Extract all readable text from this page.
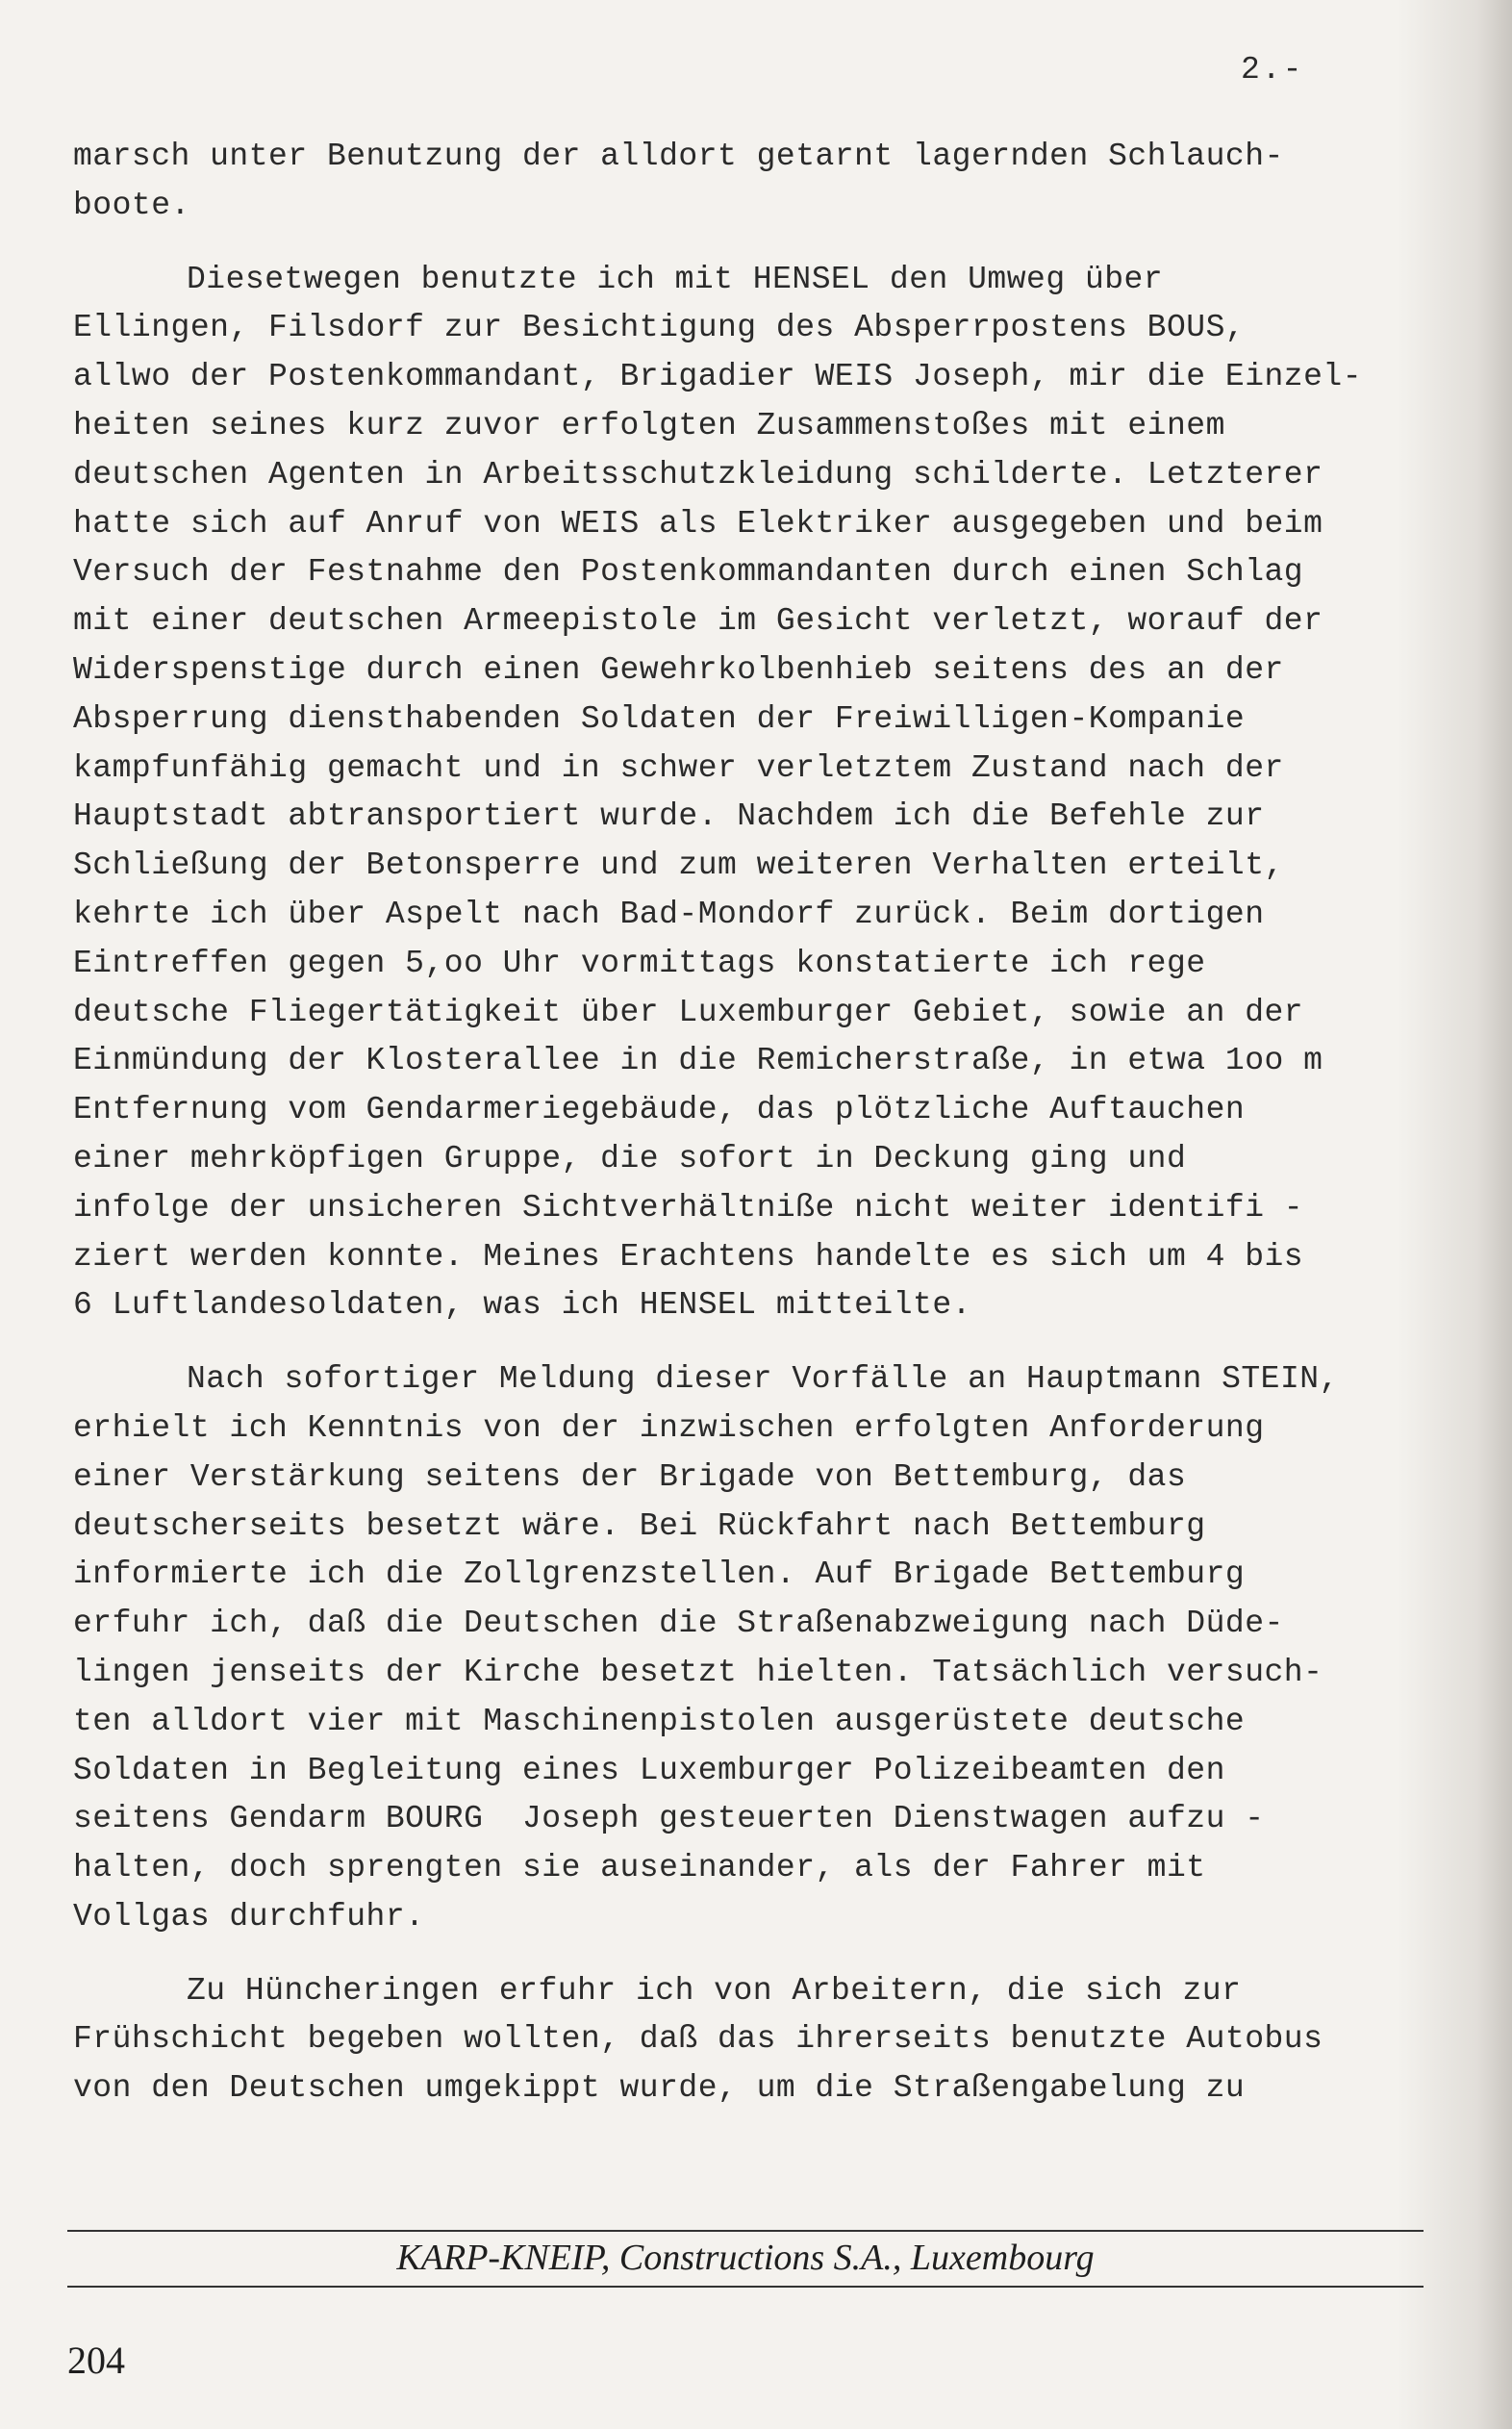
2.-

marsch unter Benutzung der alldort getarnt lagernden Schlauch-
boote.

Diesetwegen benutzte ich mit HENSEL den Umweg über
Ellingen, Filsdorf zur Besichtigung des Absperrpostens BOUS,
allwo der Postenkommandant, Brigadier WEIS Joseph, mir die Einzel-
heiten seines kurz zuvor erfolgten Zusammenstoßes mit einem
deutschen Agenten in Arbeitsschutzkleidung schilderte. Letzterer
hatte sich auf Anruf von WEIS als Elektriker ausgegeben und beim
Versuch der Festnahme den Postenkommandanten durch einen Schlag
mit einer deutschen Armeepistole im Gesicht verletzt, worauf der
Widerspenstige durch einen Gewehrkolbenhieb seitens des an der
Absperrung diensthabenden Soldaten der Freiwilligen-Kompanie
kampfunfähig gemacht und in schwer verletztem Zustand nach der
Hauptstadt abtransportiert wurde. Nachdem ich die Befehle zur
Schließung der Betonsperre und zum weiteren Verhalten erteilt,
kehrte ich über Aspelt nach Bad-Mondorf zurück. Beim dortigen
Eintreffen gegen 5,oo Uhr vormittags konstatierte ich rege
deutsche Fliegertätigkeit über Luxemburger Gebiet, sowie an der
Einmündung der Klosterallee in die Remicherstraße, in etwa 1oo m
Entfernung vom Gendarmeriegebäude, das plötzliche Auftauchen
einer mehrköpfigen Gruppe, die sofort in Deckung ging und
infolge der unsicheren Sichtverhältniße nicht weiter identifi -
ziert werden konnte. Meines Erachtens handelte es sich um 4 bis
6 Luftlandesoldaten, was ich HENSEL mitteilte.

Nach sofortiger Meldung dieser Vorfälle an Hauptmann STEIN,
erhielt ich Kenntnis von der inzwischen erfolgten Anforderung
einer Verstärkung seitens der Brigade von Bettemburg, das
deutscherseits besetzt wäre. Bei Rückfahrt nach Bettemburg
informierte ich die Zollgrenzstellen. Auf Brigade Bettemburg
erfuhr ich, daß die Deutschen die Straßenabzweigung nach Düde-
lingen jenseits der Kirche besetzt hielten. Tatsächlich versuch-
ten alldort vier mit Maschinenpistolen ausgerüstete deutsche
Soldaten in Begleitung eines Luxemburger Polizeibeamten den
seitens Gendarm BOURG  Joseph gesteuerten Dienstwagen aufzu -
halten, doch sprengten sie auseinander, als der Fahrer mit
Vollgas durchfuhr.

Zu Hüncheringen erfuhr ich von Arbeitern, die sich zur
Frühschicht begeben wollten, daß das ihrerseits benutzte Autobus
von den Deutschen umgekippt wurde, um die Straßengabelung zu

KARP-KNEIP, Constructions S.A., Luxembourg
204
